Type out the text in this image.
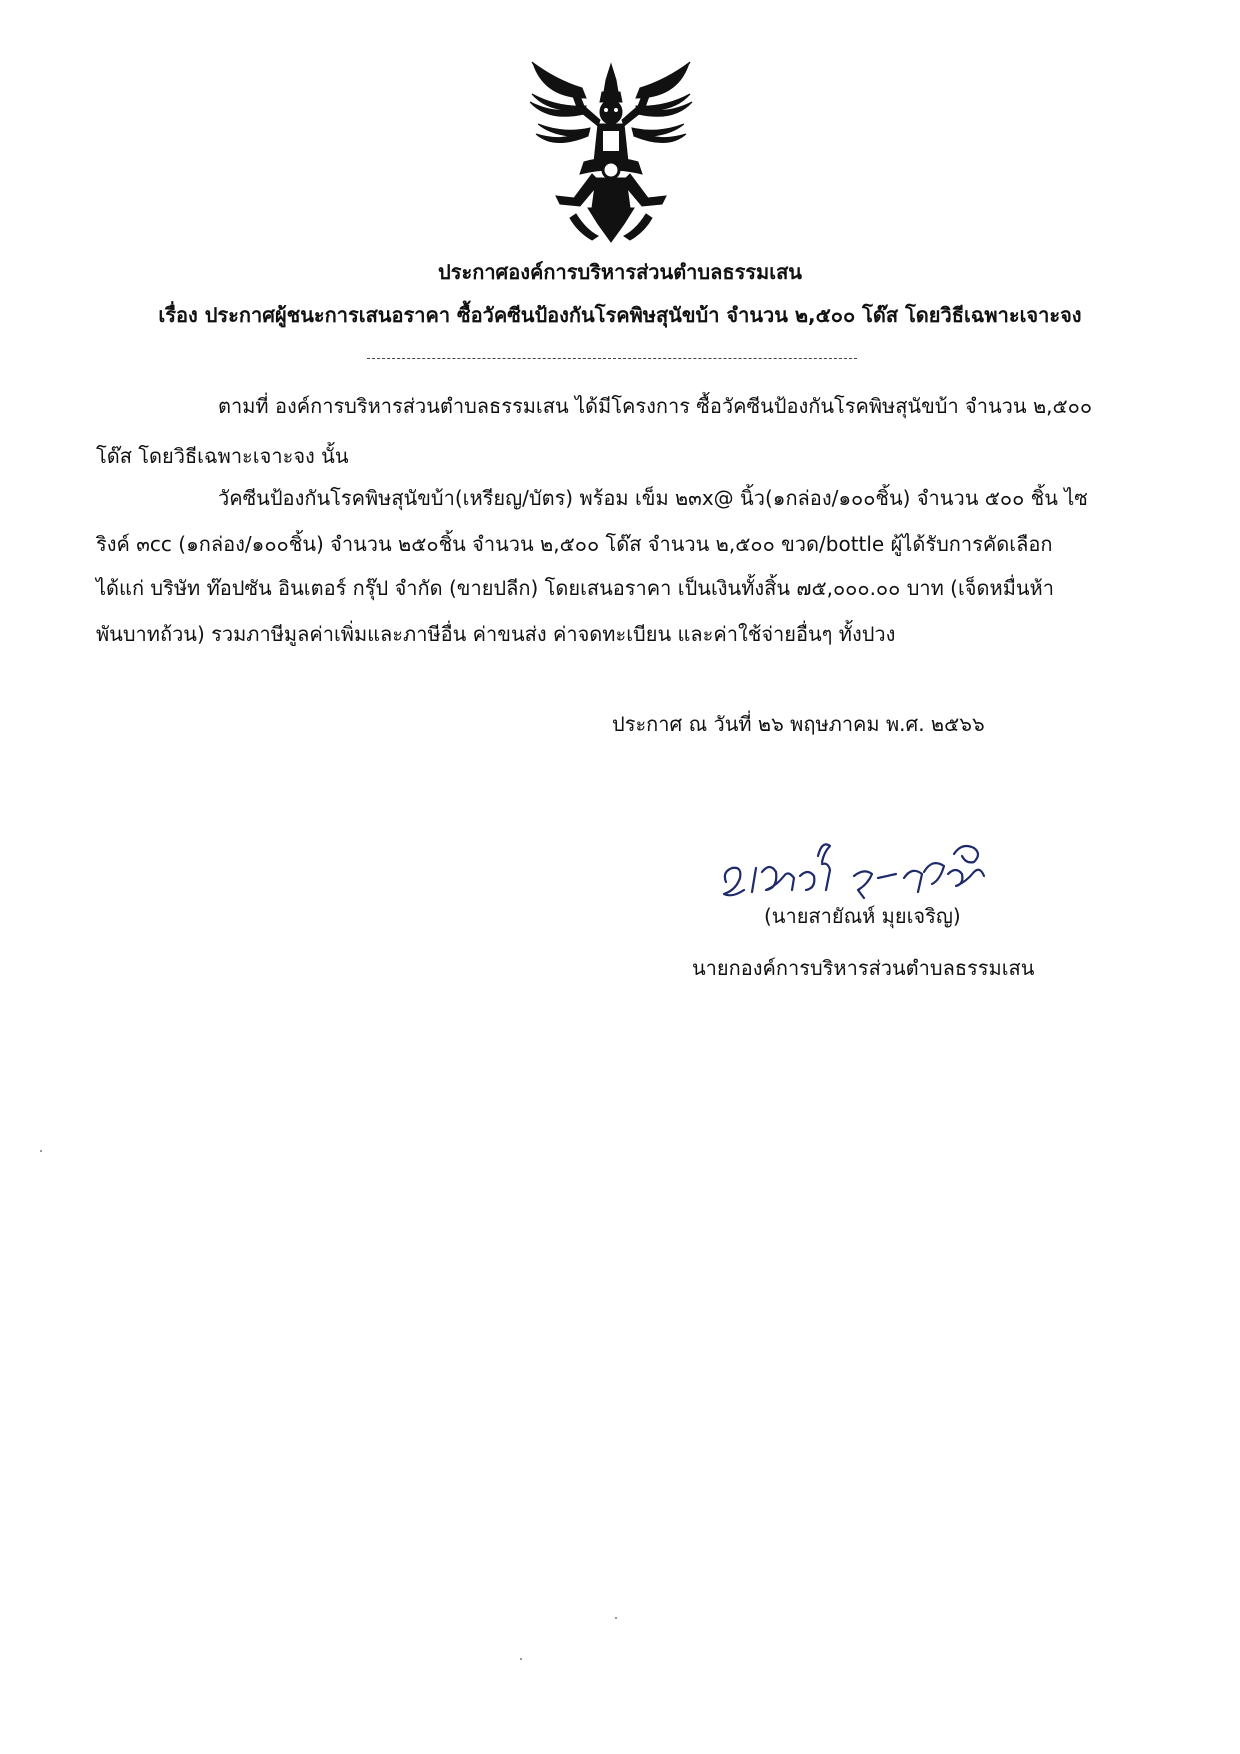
ประกาศองค์การบริหารส่วนตำบลธรรมเสน
เรื่อง ประกาศผู้ชนะการเสนอราคา ซื้อวัคซีนป้องกันโรคพิษสุนัขบ้า จำนวน ๒,๕๐๐ โด๊ส โดยวิธีเฉพาะเจาะจง
ตามที่ องค์การบริหารส่วนตำบลธรรมเสน ได้มีโครงการ ซื้อวัคซีนป้องกันโรคพิษสุนัขบ้า จำนวน ๒,๕๐๐
โด๊ส โดยวิธีเฉพาะเจาะจง นั้น
วัคซีนป้องกันโรคพิษสุนัขบ้า(เหรียญ/บัตร) พร้อม เข็ม ๒๓x@ นิ้ว(๑กล่อง/๑๐๐ชิ้น) จำนวน ๕๐๐ ชิ้น ไซ
ริงค์ ๓cc (๑กล่อง/๑๐๐ชิ้น) จำนวน ๒๕๐ชิ้น จำนวน ๒,๕๐๐ โด๊ส จำนวน ๒,๕๐๐ ขวด/bottle ผู้ได้รับการคัดเลือก
ได้แก่ บริษัท ท๊อปซัน อินเตอร์ กรุ๊ป จำกัด (ขายปลีก) โดยเสนอราคา เป็นเงินทั้งสิ้น ๗๕,๐๐๐.๐๐ บาท (เจ็ดหมื่นห้า
พันบาทถ้วน) รวมภาษีมูลค่าเพิ่มและภาษีอื่น ค่าขนส่ง ค่าจดทะเบียน และค่าใช้จ่ายอื่นๆ ทั้งปวง
ประกาศ ณ วันที่ ๒๖ พฤษภาคม พ.ศ. ๒๕๖๖
(นายสายัณห์ มุยเจริญ)
นายกองค์การบริหารส่วนตำบลธรรมเสน
